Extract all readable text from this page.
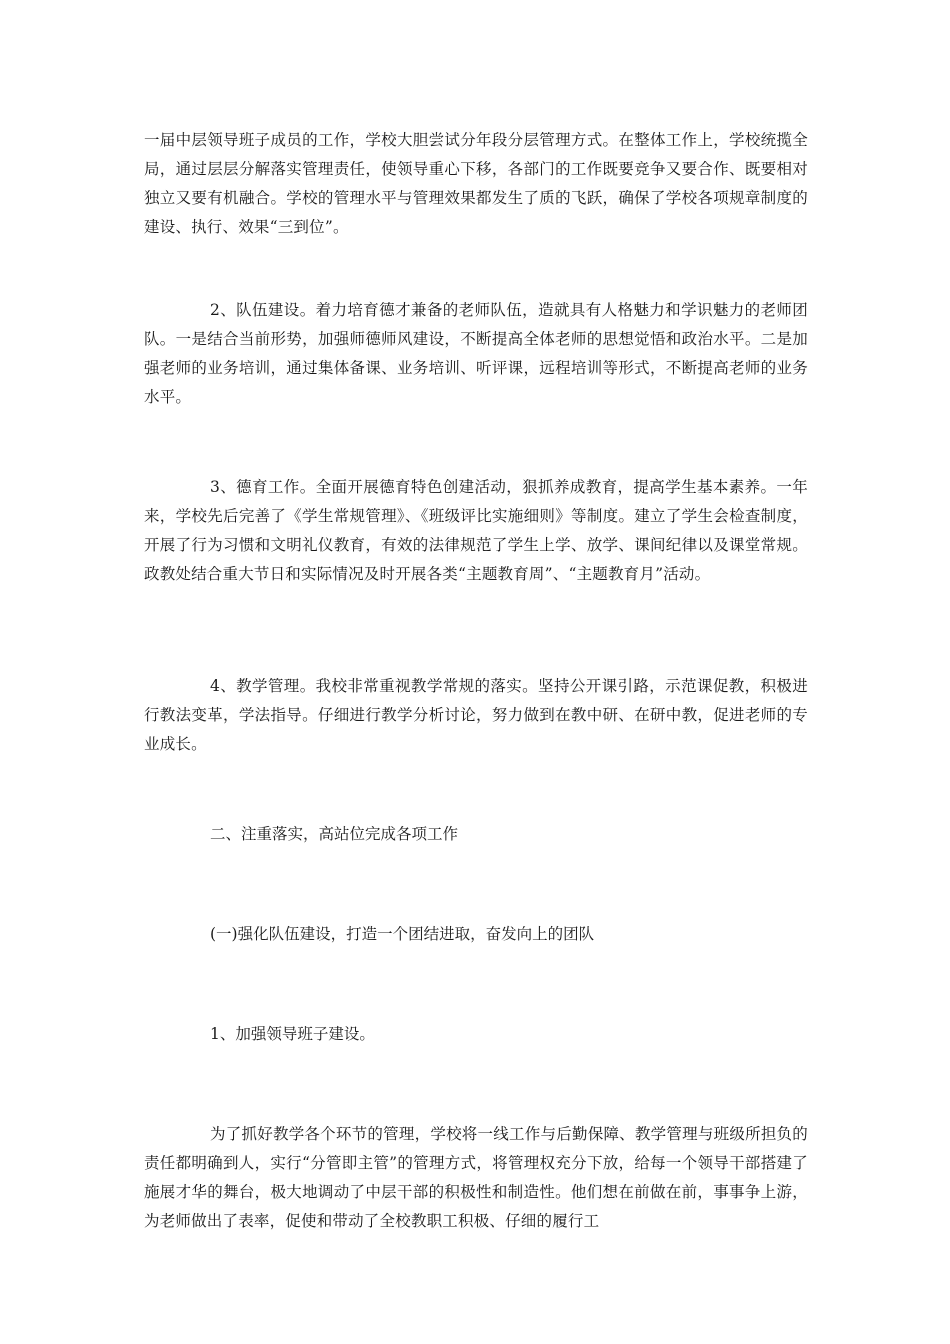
一届中层领导班子成员的工作，学校大胆尝试分年段分层管理方式。在整体工作上，学校统揽全局，通过层层分解落实管理责任，使领导重心下移，各部门的工作既要竞争又要合作、既要相对独立又要有机融合。学校的管理水平与管理效果都发生了质的飞跃，确保了学校各项规章制度的建设、执行、效果“三到位”。

2、队伍建设。着力培育德才兼备的老师队伍，造就具有人格魅力和学识魅力的老师团队。一是结合当前形势，加强师德师风建设，不断提高全体老师的思想觉悟和政治水平。二是加强老师的业务培训，通过集体备课、业务培训、听评课，远程培训等形式，不断提高老师的业务水平。

3、德育工作。全面开展德育特色创建活动，狠抓养成教育，提高学生基本素养。一年来，学校先后完善了《学生常规管理》、《班级评比实施细则》等制度。建立了学生会检查制度，开展了行为习惯和文明礼仪教育，有效的法律规范了学生上学、放学、课间纪律以及课堂常规。政教处结合重大节日和实际情况及时开展各类“主题教育周”、“主题教育月”活动。

4、教学管理。我校非常重视教学常规的落实。坚持公开课引路，示范课促教，积极进行教法变革，学法指导。仔细进行教学分析讨论，努力做到在教中研、在研中教，促进老师的专业成长。

二、注重落实，高站位完成各项工作

(一)强化队伍建设，打造一个团结进取，奋发向上的团队

1、加强领导班子建设。

为了抓好教学各个环节的管理，学校将一线工作与后勤保障、教学管理与班级所担负的责任都明确到人，实行“分管即主管”的管理方式，将管理权充分下放，给每一个领导干部搭建了施展才华的舞台，极大地调动了中层干部的积极性和制造性。他们想在前做在前，事事争上游，为老师做出了表率，促使和带动了全校教职工积极、仔细的履行工
